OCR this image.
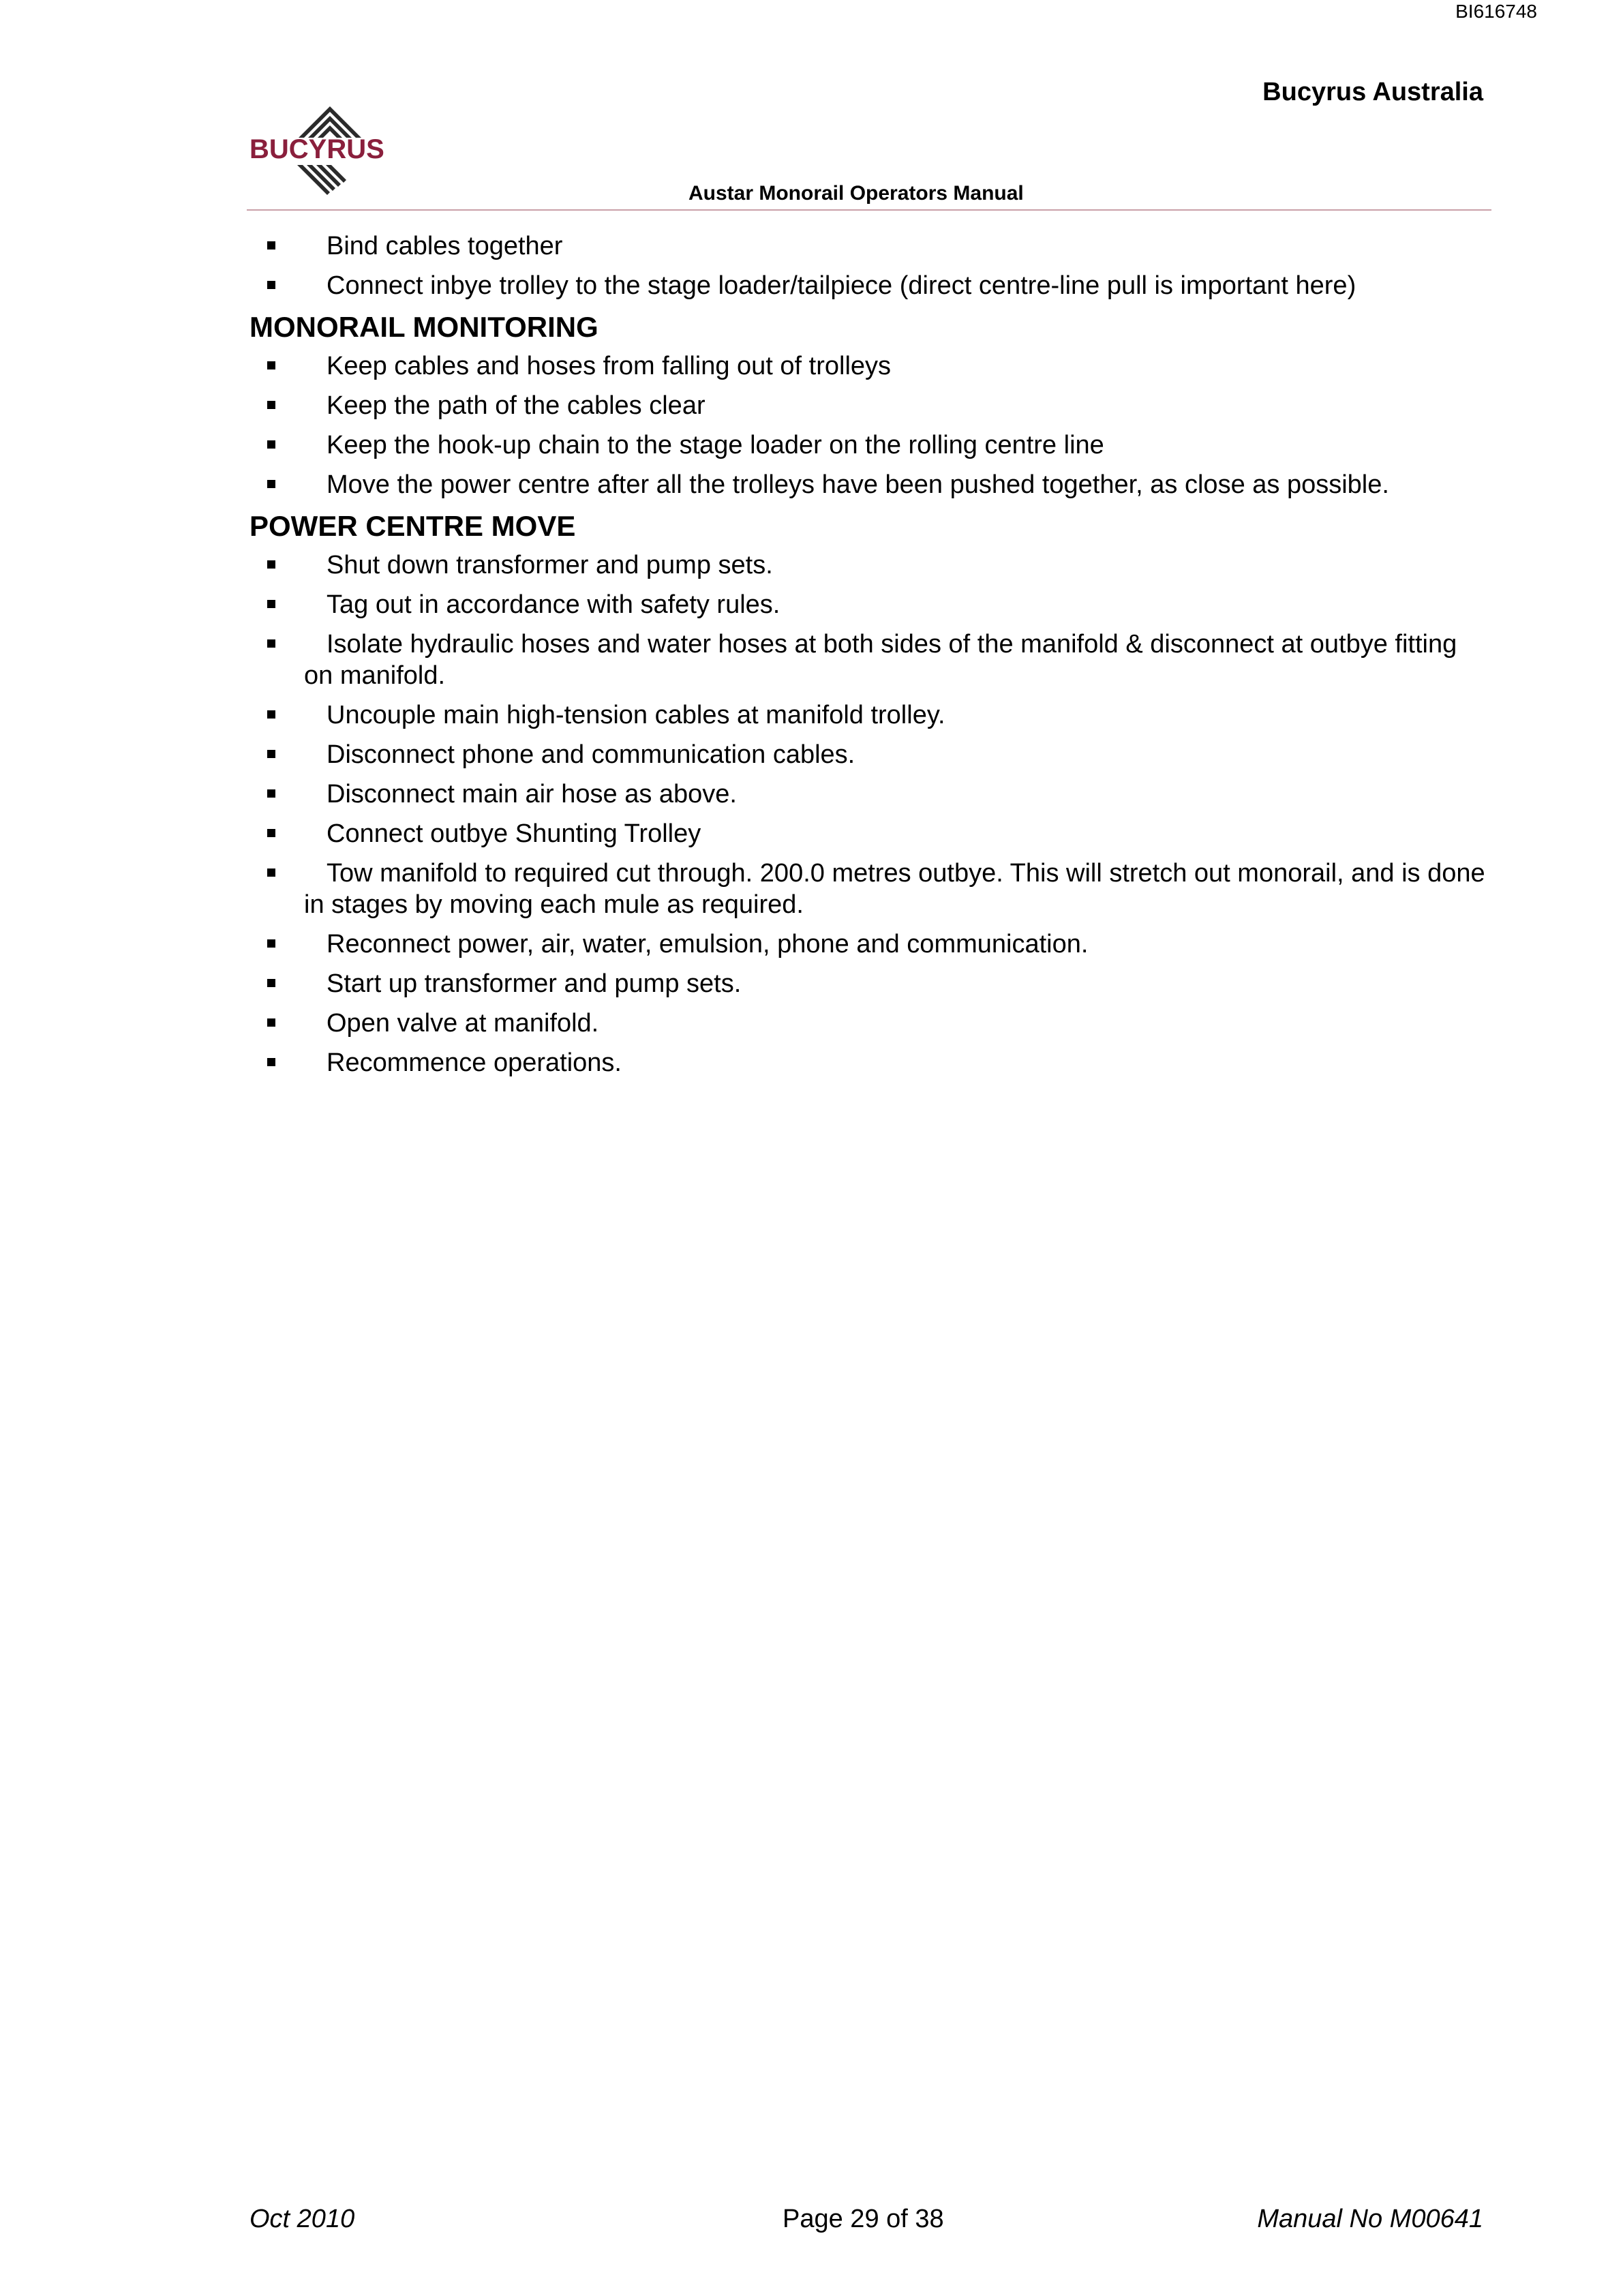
BI616748
Bucyrus Australia
BUCYRUS
Austar Monorail Operators Manual
Bind cables together
Connect inbye trolley to the stage loader/tailpiece (direct centre-line pull is important here)
MONORAIL MONITORING
Keep cables and hoses from falling out of trolleys
Keep the path of the cables clear
Keep the hook-up chain to the stage loader on the rolling centre line
Move the power centre after all the trolleys have been pushed together, as close as possible.
POWER CENTRE MOVE
Shut down transformer and pump sets.
Tag out in accordance with safety rules.
Isolate hydraulic hoses and water hoses at both sides of the manifold & disconnect at outbye fitting on manifold.
Uncouple main high-tension cables at manifold trolley.
Disconnect phone and communication cables.
Disconnect main air hose as above.
Connect outbye Shunting Trolley
Tow manifold to required cut through. 200.0 metres outbye. This will stretch out monorail, and is done in stages by moving each mule as required.
Reconnect power, air, water, emulsion, phone and communication.
Start up transformer and pump sets.
Open valve at manifold.
Recommence operations.
Oct 2010	Page 29 of 38	Manual No M00641
